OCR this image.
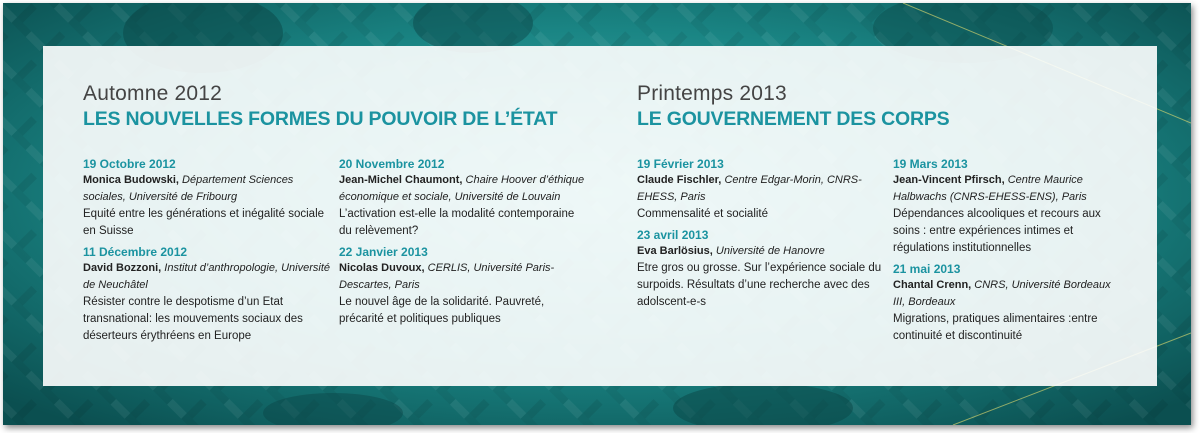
Automne 2012
LES NOUVELLES FORMES DU POUVOIR DE L’ÉTAT
19 Octobre 2012
Monica Budowski, Département Sciences sociales, Université de Fribourg
Equité entre les générations et inégalité sociale en Suisse
11 Décembre 2012
David Bozzoni, Institut d’anthropologie, Université de Neuchâtel
Résister contre le despotisme d’un Etat transnational: les mouvements sociaux des déserteurs érythréens en Europe
20 Novembre 2012
Jean-Michel Chaumont, Chaire Hoover d’éthique économique et sociale, Université de Louvain
L’activation est-elle la modalité contemporaine du relèvement?
22 Janvier 2013
Nicolas Duvoux, CERLIS, Université Paris-Descartes, Paris
Le nouvel âge de la solidarité. Pauvreté, précarité et politiques publiques
Printemps 2013
LE GOUVERNEMENT DES CORPS
19 Février 2013
Claude Fischler, Centre Edgar-Morin, CNRS-EHESS, Paris
Commensalité et socialité
23 avril 2013
Eva Barlösius, Université de Hanovre
Etre gros ou grosse. Sur l’expérience sociale du surpoids. Résultats d’une recherche avec des adolscent-e-s
19 Mars 2013
Jean-Vincent Pfirsch, Centre Maurice Halbwachs (CNRS-EHESS-ENS), Paris
Dépendances alcooliques et recours aux soins : entre expériences intimes et régulations institutionnelles
21 mai 2013
Chantal Crenn, CNRS, Université Bordeaux III, Bordeaux
Migrations, pratiques alimentaires :entre continuité et discontinuité
